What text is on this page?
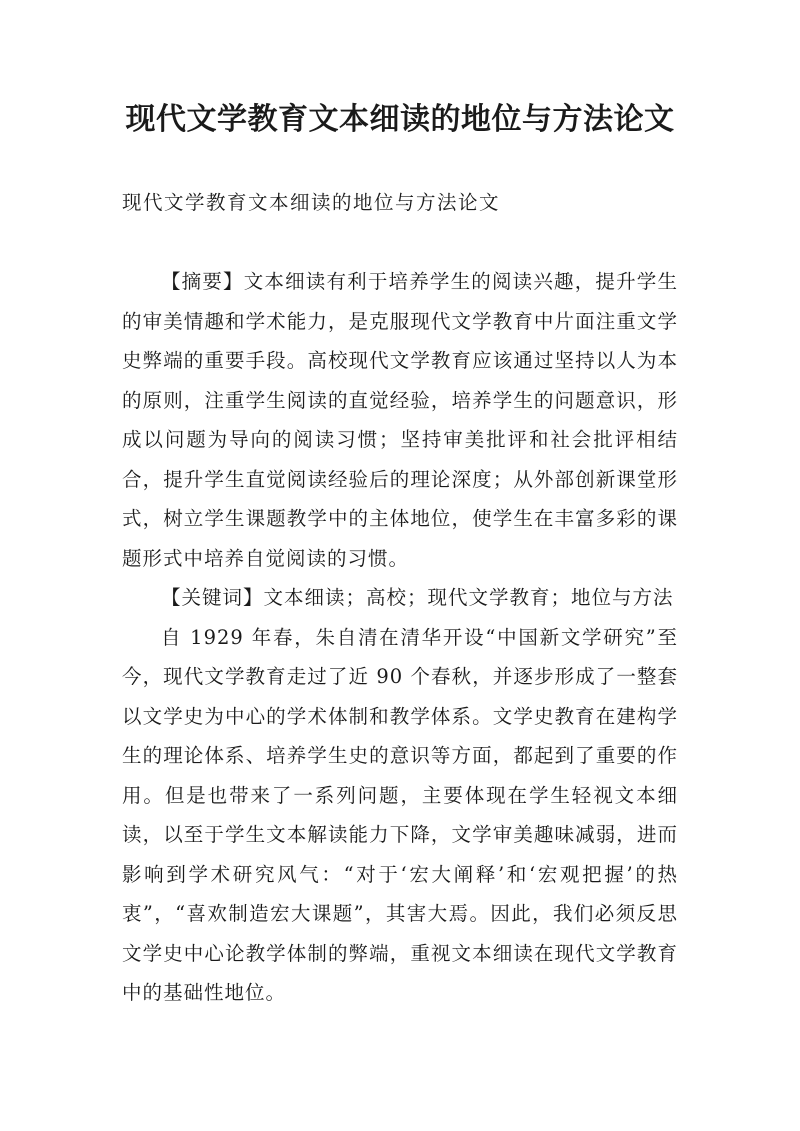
现代文学教育文本细读的地位与方法论文

现代文学教育文本细读的地位与方法论文

【摘要】文本细读有利于培养学生的阅读兴趣，提升学生的审美情趣和学术能力，是克服现代文学教育中片面注重文学史弊端的重要手段。高校现代文学教育应该通过坚持以人为本的原则，注重学生阅读的直觉经验，培养学生的问题意识，形成以问题为导向的阅读习惯；坚持审美批评和社会批评相结合，提升学生直觉阅读经验后的理论深度；从外部创新课堂形式，树立学生课题教学中的主体地位，使学生在丰富多彩的课题形式中培养自觉阅读的习惯。

【关键词】文本细读；高校；现代文学教育；地位与方法

自 1929 年春，朱自清在清华开设“中国新文学研究”至今，现代文学教育走过了近 90 个春秋，并逐步形成了一整套以文学史为中心的学术体制和教学体系。文学史教育在建构学生的理论体系、培养学生史的意识等方面，都起到了重要的作用。但是也带来了一系列问题，主要体现在学生轻视文本细读，以至于学生文本解读能力下降，文学审美趣味减弱，进而影响到学术研究风气：“对于‘宏大阐释’和‘宏观把握’的热衷”，“喜欢制造宏大课题”，其害大焉。因此，我们必须反思文学史中心论教学体制的弊端，重视文本细读在现代文学教育中的基础性地位。
